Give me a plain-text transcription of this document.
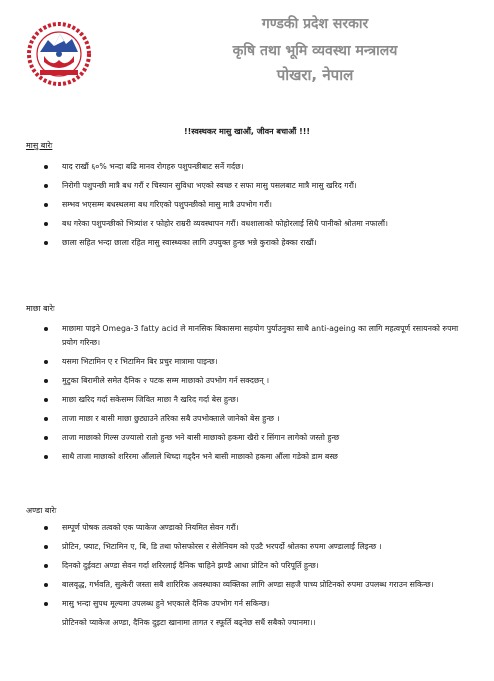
गण्डकी प्रदेश सरकार
कृषि तथा भूमि व्यवस्था मन्त्रालय
पोखरा, नेपाल
!!स्वस्थकर मासु खाऔं, जीवन बचाऔं !!!
मासु बारेः
याद राखौं ६०% भन्दा बढि मानव रोगहरु पशुपन्छीबाट सर्ने गर्दछ।
निरोगी पशुपन्छी मात्रै बध गरौं र चिस्यान सुविधा भएको स्वच्छ र सफा मासु पसलबाट मात्रै मासु खरिद गरौं।
सम्भव भएसम्म बधस्थलमा बध गरिएको पशुपन्छीको मासु मात्रै उपभोग गरौं।
बध गरेका पशुपन्छीको भित्र्यांश र फोहोर राम्ररी व्यवस्थापन गरौं। वधशालाको फोहोरलाई सिधै पानीको श्रोतमा नफालौं।
छाला सहित भन्दा छाला रहित मासु स्वास्थ्यका लागि उपयुक्त हुन्छ भन्ने कुराको हेक्का राखौं।
माछा बारेः
माछामा पाइने Omega-3 fatty acid ले मानसिक बिकासमा सहयोग पुर्याउनुका साथै anti-ageing का लागि महत्वपूर्ण रसायनको रुपमा प्रयोग गरिन्छ।
यसमा भिटामिन ए र भिटामिन बिर प्रचुर मात्रामा पाइन्छ।
मुटुका बिरामीले समेत दैनिक २ पटक सम्म माछाको उपभोग गर्न सक्दछन् ।
माछा खरिद गर्दा सकेसम्म जिवित माछा नै खरिद गर्दा बेस हुन्छ।
ताजा माछा र बासी माछा छुट्याउने तरिका सबै उपभोक्ताले जानेको बेस हुन्छ ।
ताजा माछाको गिल्स उज्यालो रातो हुन्छ भने बासी माछाको हकमा खैरो र सिंगान लागेको जस्तो हुन्छ
साथै ताजा माछाको शरिरमा औंलाले थिच्दा गड्दैन भने बासी माछाको हकमा औंला गडेको डाम बस्छ
अण्डा बारेः
सम्पूर्ण पोषक तत्वको एक प्याकेज अण्डाको नियमित सेवन गरौं।
प्रोटिन, फ्याट, भिटामिन ए, बि, डि तथा फोसफोरस र सेलेनियम को एउटै भरपर्दो श्रोतका रुपमा अण्डालाई लिइन्छ ।
दिनको दुईवटा अण्डा सेवन गर्दा शरिरलाई दैनिक चाहिने झण्डै आधा प्रोटिन को परिपूर्ति हुन्छ।
बालवृद्ध, गर्भवति, सुत्केरी जस्ता सबै शारिरिक अवस्थाका व्यक्तिका लागि अण्डा सहजै पाच्य प्रोटिनको रुपमा उपलब्ध गराउन सकिन्छ।
मासु भन्दा सुपथ मूल्यमा उपलब्ध हुने भएकाले दैनिक उपभोग गर्न सकिन्छ।
प्रोटिनको प्याकेज अण्डा, दैनिक दुइटा खानामा तागत र स्फूर्ति बढ्नेछ सधैं सबैको ज्यानमा।।
